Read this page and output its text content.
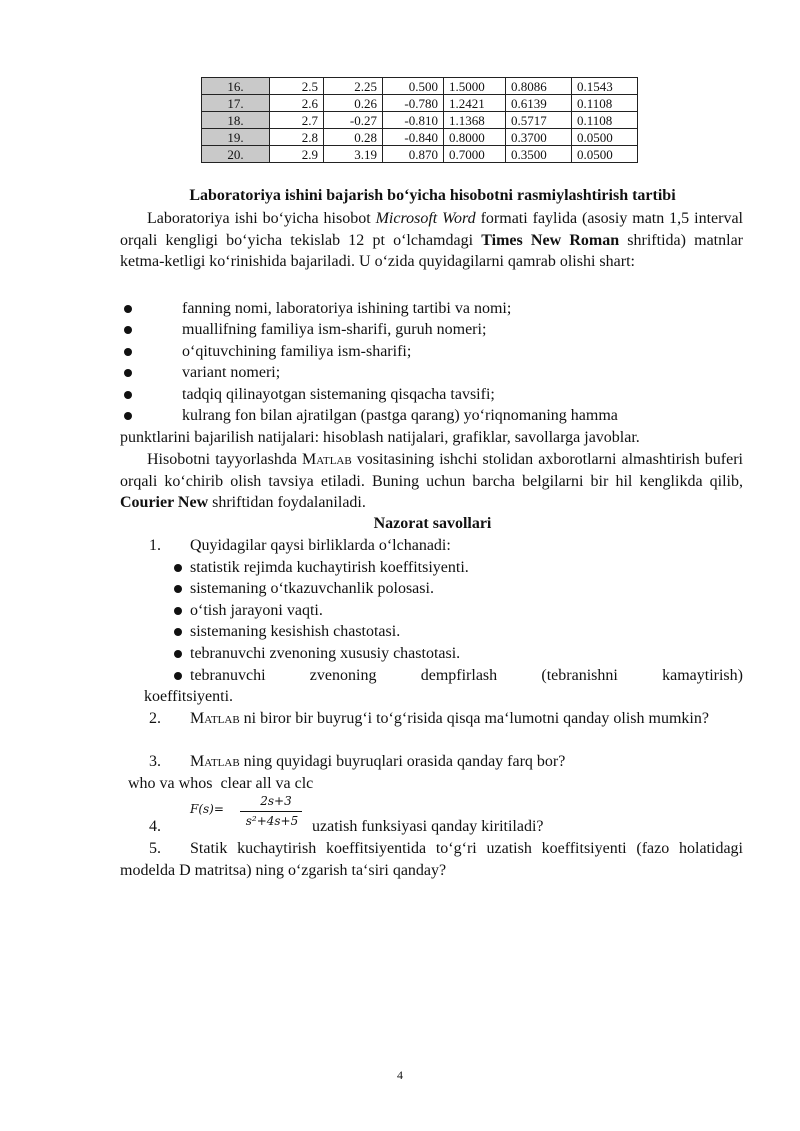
16.	2.5	2.25	0.500	1.5000	0.8086	0.1543
17.	2.6	0.26	-0.780	1.2421	0.6139	0.1108
18.	2.7	-0.27	-0.810	1.1368	0.5717	0.1108
19.	2.8	0.28	-0.840	0.8000	0.3700	0.0500
20.	2.9	3.19	0.870	0.7000	0.3500	0.0500
Laboratoriya ishini bajarish bo‘yicha hisobotni rasmiylashtirish tartibi
Laboratoriya ishi bo‘yicha hisobot Microsoft Word formati faylida (asosiy matn 1,5 interval orqali kengligi bo‘yicha tekislab 12 pt o‘lchamdagi Times New Roman shriftida) matnlar ketma-ketligi ko‘rinishida bajariladi. U o‘zida quyidagilarni qamrab olishi shart:
fanning nomi, laboratoriya ishining tartibi va nomi;
muallifning familiya ism-sharifi, guruh nomeri;
o‘qituvchining familiya ism-sharifi;
variant nomeri;
tadqiq qilinayotgan sistemaning qisqacha tavsifi;
kulrang fon bilan ajratilgan (pastga qarang) yo‘riqnomaning hamma
punktlarini bajarilish natijalari: hisoblash natijalari, grafiklar, savollarga javoblar.
Hisobotni tayyorlashda Matlab vositasining ishchi stolidan axborotlarni almashtirish buferi orqali ko‘chirib olish tavsiya etiladi. Buning uchun barcha belgilarni bir hil kenglikda qilib, Courier New shriftidan foydalaniladi.
Nazorat savollari
1. Quyidagilar qaysi birliklarda o‘lchanadi:
statistik rejimda kuchaytirish koeffitsiyenti.
sistemaning o‘tkazuvchanlik polosasi.
o‘tish jarayoni vaqti.
sistemaning kesishish chastotasi.
tebranuvchi zvenoning xususiy chastotasi.
tebranuvchi	zvenoning	dempfirlash	(tebranishni	kamaytirish)
koeffitsiyenti.
2.	Matlab ni biror bir buyrug‘i to‘g‘risida qisqa ma‘lumotni qanday olish mumkin?
3. Matlab ning quyidagi buyruqlari orasida qanday farq bor?
who va whos  clear all va clc
F(s)=
2s+3
s²+4s+5
4.	uzatish funksiyasi qanday kiritiladi?
5.	Statik kuchaytirish koeffitsiyentida to‘g‘ri uzatish koeffitsiyenti (fazo holatidagi modelda D matritsa) ning o‘zgarish ta‘siri qanday?
4
